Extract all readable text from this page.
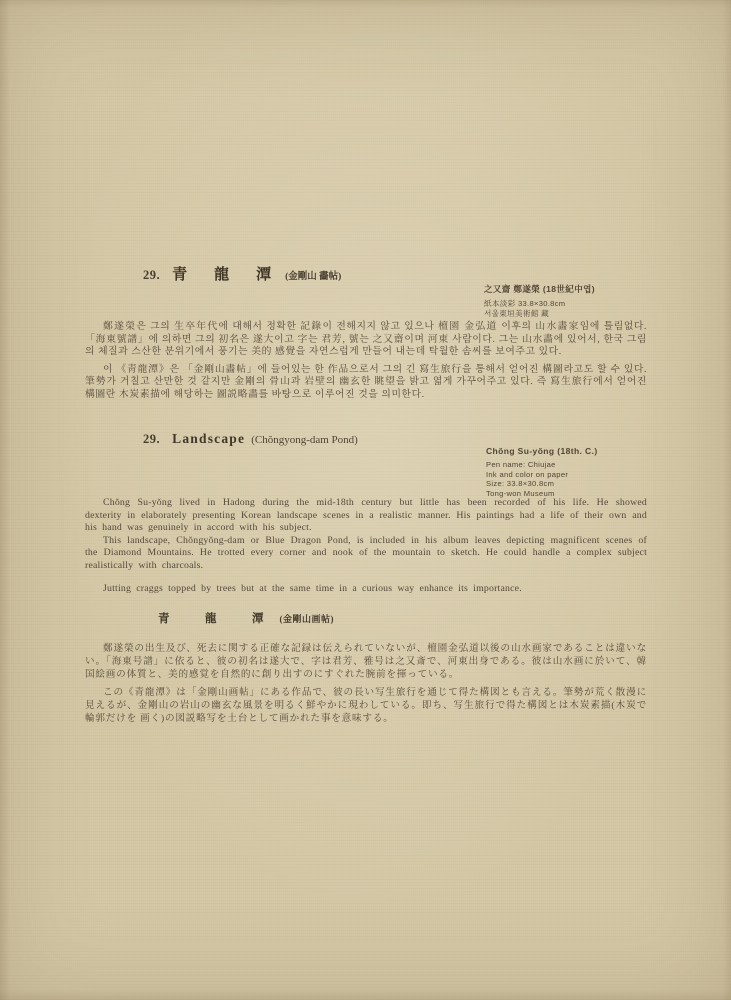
29. 青　龍　潭 (金剛山 畵帖)
之又齋 鄭遂榮 (18世紀中엽)
紙本淡彩 33.8×30.8cm
서울東垣美術館 藏

鄭遂榮은 그의 生卒年代에 대해서 정확한 記錄이 전해지지 않고 있으나 檀園 金弘道 이후의 山水畵家임에 틀림없다. 「海東號譜」에 의하면 그의 初名은 遂大이고 字는 君芳, 號는 之又齋이며 河東 사람이다. 그는 山水畵에 있어서, 한국 그림의 체질과 스산한 분위기에서 풍기는 美的 感覺을 자연스럽게 만들어 내는데 탁월한 솜씨를 보여주고 있다.

이 《靑龍潭》은 「金剛山畵帖」에 들어있는 한 作品으로서 그의 긴 寫生旅行을 통해서 얻어진 構圖라고도 할 수 있다. 筆勢가 거칠고 산만한 것 같지만 金剛의 骨山과 岩壁의 幽玄한 眺望을 밝고 엷게 가꾸어주고 있다. 즉 寫生旅行에서 얻어진 構圖란 木炭素描에 해당하는 圖説略畵를 바탕으로 이루어진 것을 의미한다.

29. Landscape (Chŏngyong-dam Pond)
Chŏng Su-yŏng (18th. C.)
Pen name: Chiujae
Ink and color on paper
Size: 33.8×30.8cm
Tong-won Museum

Chŏng Su-yŏng lived in Hadong during the mid-18th century but little has been recorded of his life. He showed dexterity in elaborately presenting Korean landscape scenes in a realistic manner. His paintings had a life of their own and his hand was genuinely in accord with his subject.

This landscape, Chŏngyŏng-dam or Blue Dragon Pond, is included in his album leaves depicting magnificent scenes of the Diamond Mountains. He trotted every corner and nook of the mountain to sketch. He could handle a complex subject realistically with charcoals.

Jutting craggs topped by trees but at the same time in a curious way enhance its importance.

青　龍　潭 (金剛山画帖)

鄭遂榮の出生及び、死去に関する正確な記録は伝えられていないが、檀園金弘道以後の山水画家であることは違いない。「海東号譜」に依ると、彼の初名は遂大で、字は君芳、雅号は之又斎で、河東出身である。彼は山水画に於いて、韓国絵画の体質と、美的感覚を自然的に創り出すのにすぐれた腕前を揮っている。

この《青龍潭》は「金剛山画帖」にある作品で、彼の長い写生旅行を通じて得た構図とも言える。筆勢が荒く散漫に見えるが、金剛山の岩山の幽玄な風景を明るく鮮やかに現わしている。即ち、写生旅行で得た構図とは木炭素描(木炭で輪郭だけを 画く)の図説略写を土台として画かれた事を意味する。
